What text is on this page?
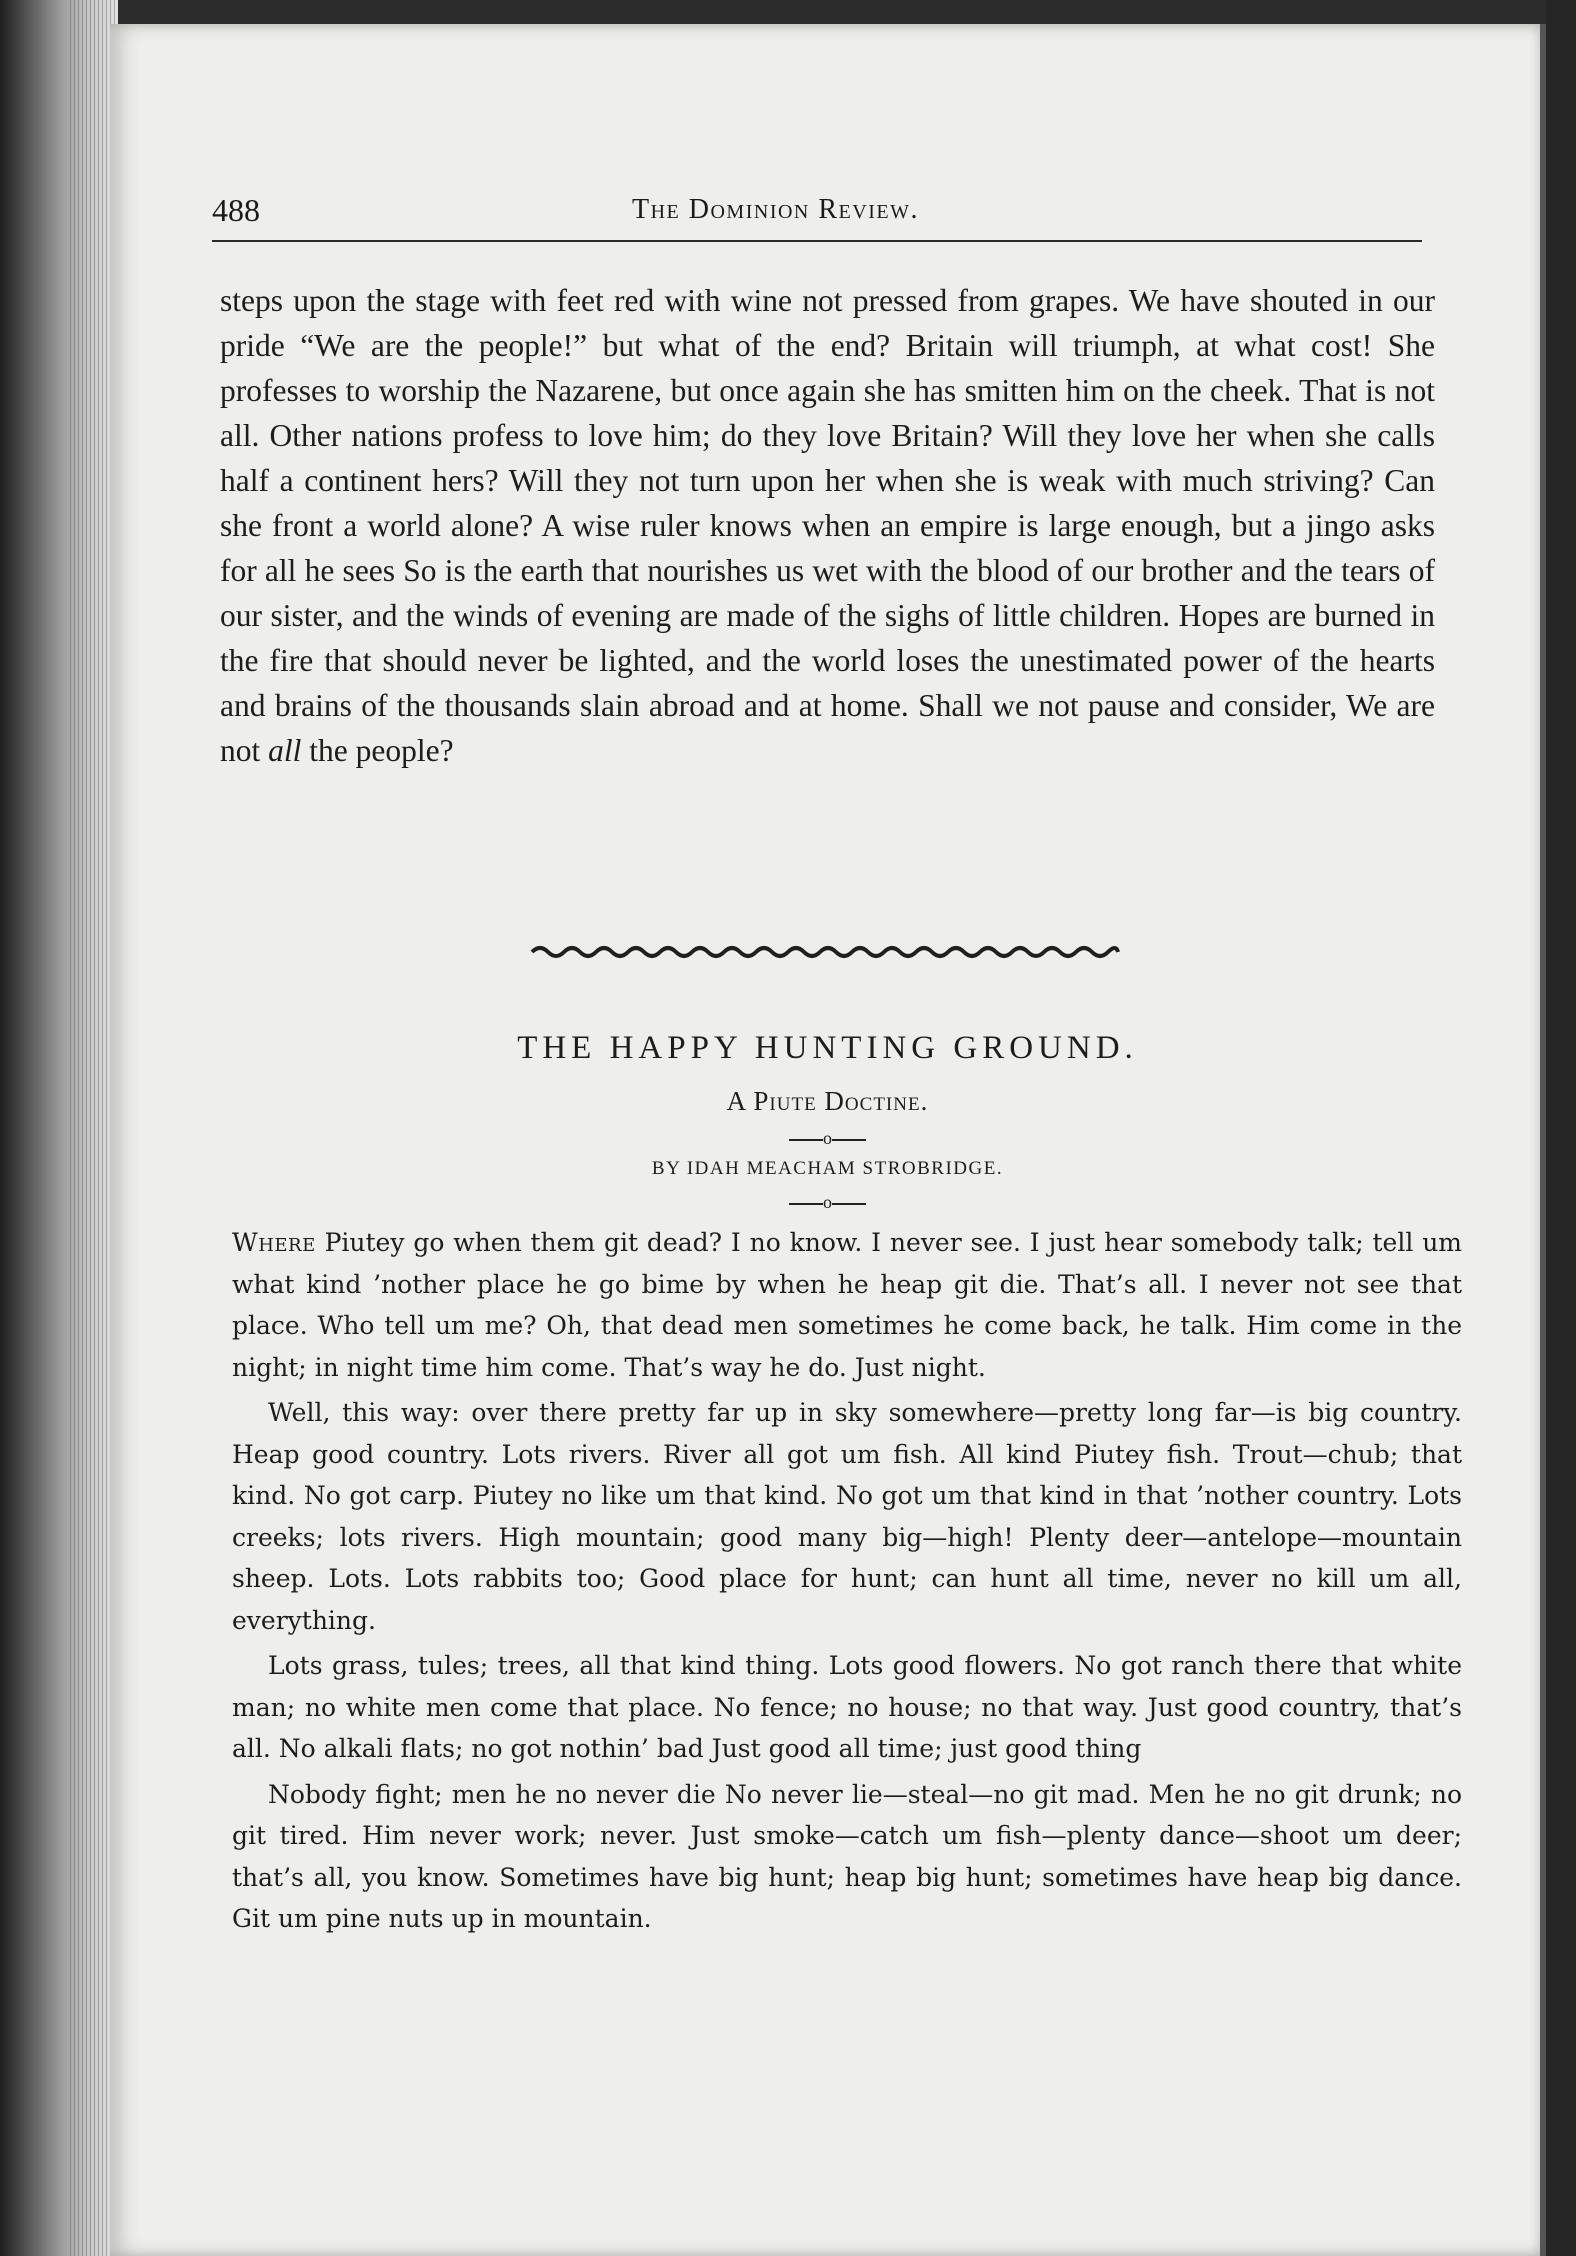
488	The Dominion Review.

steps upon the stage with feet red with wine not pressed from grapes. We have shouted in our pride “We are the people!” but what of the end? Britain will triumph, at what cost! She professes to worship the Nazarene, but once again she has smitten him on the cheek. That is not all. Other nations profess to love him; do they love Britain? Will they love her when she calls half a continent hers? Will they not turn upon her when she is weak with much striving? Can she front a world alone? A wise ruler knows when an empire is large enough, but a jingo asks for all he sees So is the earth that nourishes us wet with the blood of our brother and the tears of our sister, and the winds of evening are made of the sighs of little children. Hopes are burned in the fire that should never be lighted, and the world loses the unestimated power of the hearts and brains of the thousands slain abroad and at home. Shall we not pause and consider, We are not all the people?

THE HAPPY HUNTING GROUND.
A Piute Doctine.
o
BY IDAH MEACHAM STROBRIDGE.
o

Where Piutey go when them git dead? I no know. I never see. I just hear somebody talk; tell um what kind ’nother place he go bime by when he heap git die. That’s all. I never not see that place. Who tell um me? Oh, that dead men sometimes he come back, he talk. Him come in the night; in night time him come. That’s way he do. Just night.

Well, this way: over there pretty far up in sky somewhere—pretty long far—is big country. Heap good country. Lots rivers. River all got um fish. All kind Piutey fish. Trout—chub; that kind. No got carp. Piutey no like um that kind. No got um that kind in that ’nother country. Lots creeks; lots rivers. High mountain; good many big—high! Plenty deer—antelope—mountain sheep. Lots. Lots rabbits too; Good place for hunt; can hunt all time, never no kill um all, everything.

Lots grass, tules; trees, all that kind thing. Lots good flowers. No got ranch there that white man; no white men come that place. No fence; no house; no that way. Just good country, that’s all. No alkali flats; no got nothin’ bad Just good all time; just good thing

Nobody fight; men he no never die No never lie—steal—no git mad. Men he no git drunk; no git tired. Him never work; never. Just smoke—catch um fish—plenty dance—shoot um deer; that’s all, you know. Sometimes have big hunt; heap big hunt; sometimes have heap big dance. Git um pine nuts up in mountain.
